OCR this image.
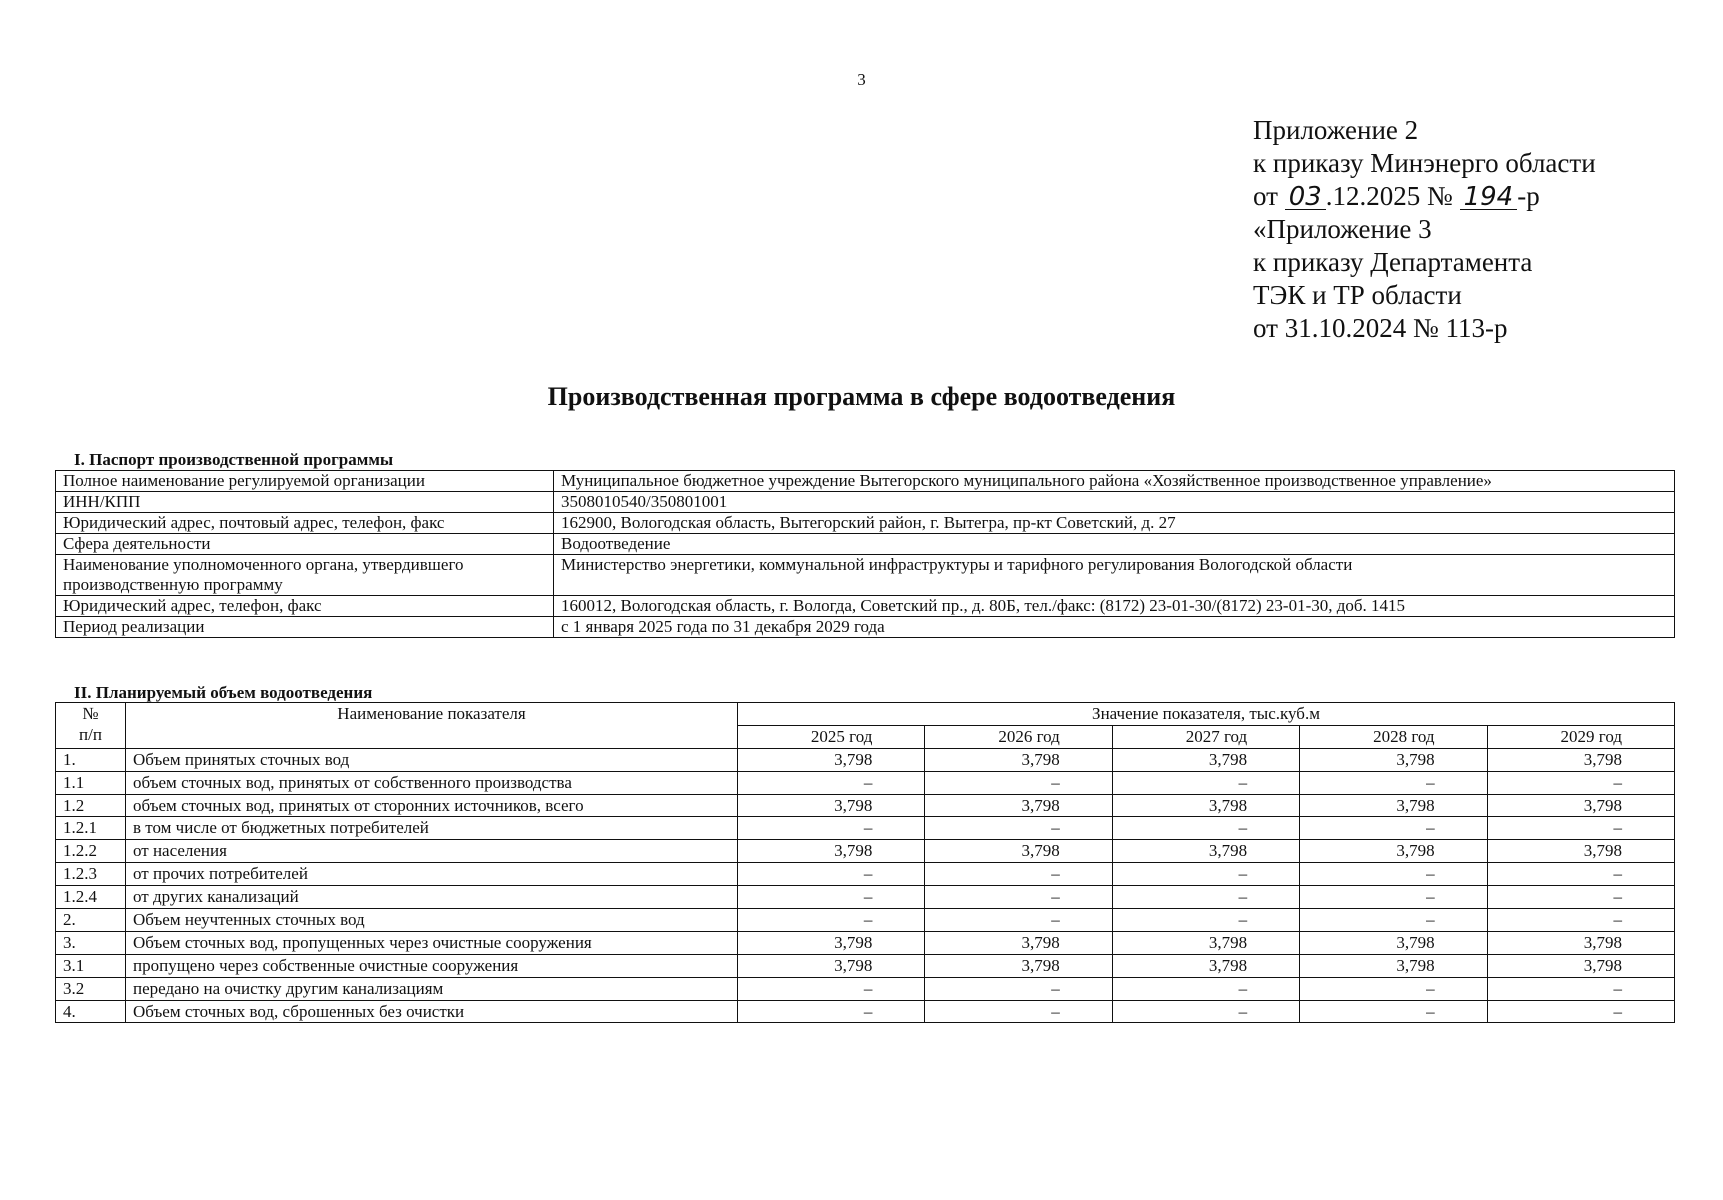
3
Приложение 2
к приказу Минэнерго области
от 03 .12.2025 № 194 -р
«Приложение 3
к приказу Департамента
ТЭК и ТР области
от 31.10.2024 № 113-р
Производственная программа в сфере водоотведения
I. Паспорт производственной программы
Полное наименование регулируемой организации	Муниципальное бюджетное учреждение Вытегорского муниципального района «Хозяйственное производственное управление»
ИНН/КПП	3508010540/350801001
Юридический адрес, почтовый адрес, телефон, факс	162900, Вологодская область, Вытегорский район, г. Вытегра, пр-кт Советский, д. 27
Сфера деятельности	Водоотведение
Наименование уполномоченного органа, утвердившего производственную программу	Министерство энергетики, коммунальной инфраструктуры и тарифного регулирования Вологодской области
Юридический адрес, телефон, факс	160012, Вологодская область, г. Вологда, Советский пр., д. 80Б, тел./факс: (8172) 23-01-30/(8172) 23-01-30, доб. 1415
Период реализации	с 1 января 2025 года по 31 декабря 2029 года
II. Планируемый объем водоотведения
№
п/п	Наименование показателя	Значение показателя, тыс.куб.м				
		2025 год	2026 год	2027 год	2028 год	2029 год
1.	Объем принятых сточных вод	3,798	3,798	3,798	3,798	3,798
1.1	объем сточных вод, принятых от собственного производства	–	–	–	–	–
1.2	объем сточных вод, принятых от сторонних источников, всего	3,798	3,798	3,798	3,798	3,798
1.2.1	в том числе от бюджетных потребителей	–	–	–	–	–
1.2.2	от населения	3,798	3,798	3,798	3,798	3,798
1.2.3	от прочих потребителей	–	–	–	–	–
1.2.4	от других канализаций	–	–	–	–	–
2.	Объем неучтенных сточных вод	–	–	–	–	–
3.	Объем сточных вод, пропущенных через очистные сооружения	3,798	3,798	3,798	3,798	3,798
3.1	пропущено через собственные очистные сооружения	3,798	3,798	3,798	3,798	3,798
3.2	передано на очистку другим канализациям	–	–	–	–	–
4.	Объем сточных вод, сброшенных без очистки	–	–	–	–	–
